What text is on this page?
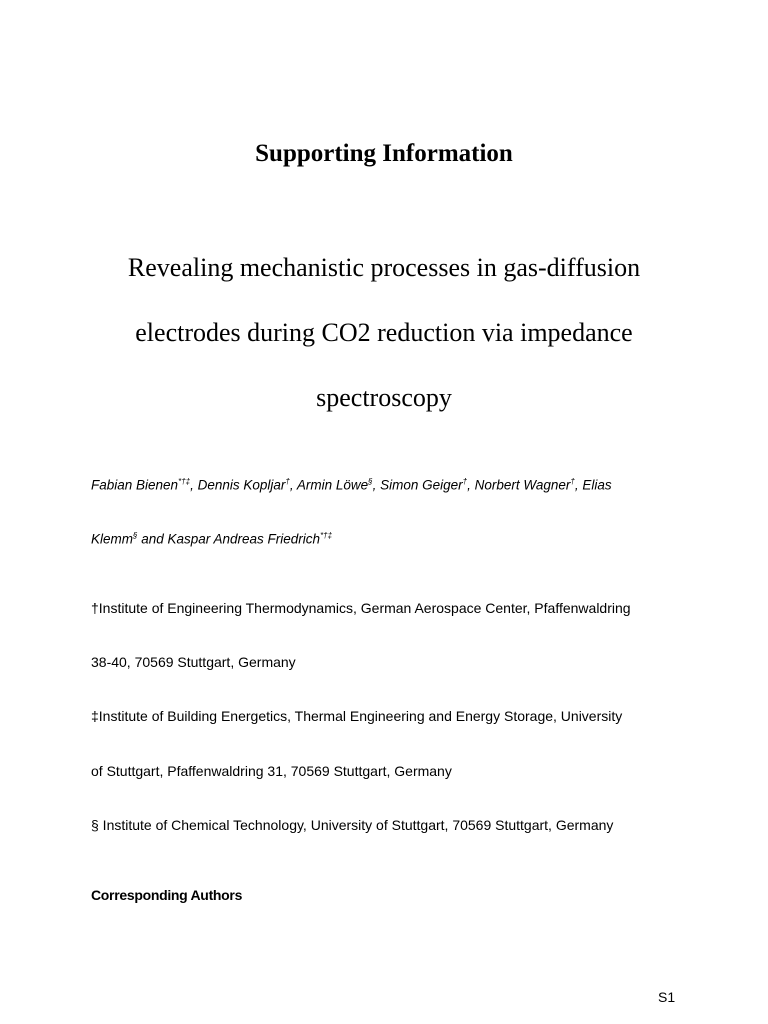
Supporting Information
Revealing mechanistic processes in gas-diffusion
electrodes during CO2 reduction via impedance
spectroscopy
Fabian Bienen*†‡, Dennis Kopljar†, Armin Löwe§, Simon Geiger†, Norbert Wagner†, Elias
Klemm§ and Kaspar Andreas Friedrich*†‡
†Institute of Engineering Thermodynamics, German Aerospace Center, Pfaffenwaldring
38-40, 70569 Stuttgart, Germany
‡Institute of Building Energetics, Thermal Engineering and Energy Storage, University
of Stuttgart, Pfaffenwaldring 31, 70569 Stuttgart, Germany
§ Institute of Chemical Technology, University of Stuttgart, 70569 Stuttgart, Germany
Corresponding Authors
S1
